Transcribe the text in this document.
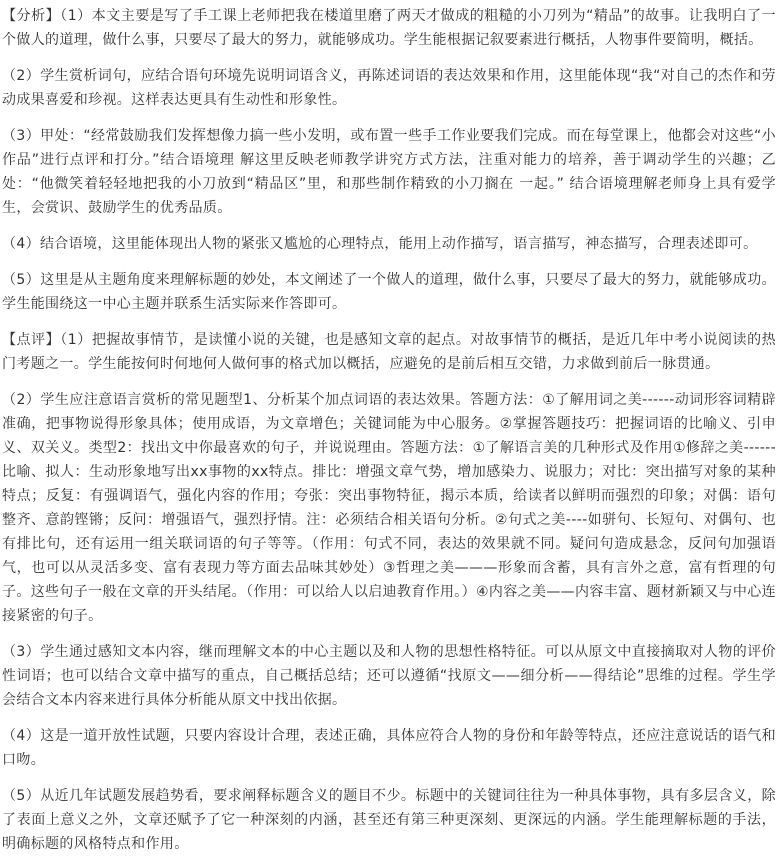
【分析】（1）本文主要是写了手工课上老师把我在楼道里磨了两天才做成的粗糙的小刀列为“精品”的故事。让我明白了一个做人的道理，做什么事，只要尽了最大的努力，就能够成功。学生能根据记叙要素进行概括，人物事件要简明，概括。

（2）学生赏析词句，应结合语句环境先说明词语含义，再陈述词语的表达效果和作用，这里能体现“我“对自己的杰作和劳动成果喜爱和珍视。这样表达更具有生动性和形象性。

（3）甲处：“经常鼓励我们发挥想像力搞一些小发明，或布置一些手工作业要我们完成。而在每堂课上，他都会对这些“小作品”进行点评和打分。”结合语境理 解这里反映老师教学讲究方式方法，注重对能力的培养，善于调动学生的兴趣；乙处：“他微笑着轻轻地把我的小刀放到“精品区”里，和那些制作精致的小刀搁在 一起。” 结合语境理解老师身上具有爱学生，会赏识、鼓励学生的优秀品质。

（4）结合语境，这里能体现出人物的紧张又尴尬的心理特点，能用上动作描写，语言描写，神态描写，合理表述即可。

（5）这里是从主题角度来理解标题的妙处，本文阐述了一个做人的道理，做什么事，只要尽了最大的努力，就能够成功。学生能围绕这一中心主题并联系生活实际来作答即可。

【点评】（1）把握故事情节，是读懂小说的关键，也是感知文章的起点。对故事情节的概括，是近几年中考小说阅读的热门考题之一。学生能按何时何地何人做何事的格式加以概括，应避免的是前后相互交错，力求做到前后一脉贯通。

（2）学生应注意语言赏析的常见题型1、分析某个加点词语的表达效果。答题方法：①了解用词之美------动词形容词精辟准确，把事物说得形象具体；使用成语，为文章增色；关键词能为中心服务。②掌握答题技巧：把握词语的比喻义、引申义、双关义。类型2：找出文中你最喜欢的句子，并说说理由。答题方法：①了解语言美的几种形式及作用①修辞之美------比喻、拟人：生动形象地写出xx事物的xx特点。排比：增强文章气势，增加感染力、说服力；对比：突出描写对象的某种特点；反复：有强调语气，强化内容的作用；夸张：突出事物特征，揭示本质，给读者以鲜明而强烈的印象；对偶：语句整齐、意韵铿锵；反问：增强语气，强烈抒情。注：必须结合相关语句分析。②句式之美----如骈句、长短句、对偶句、也有排比句，还有运用一组关联词语的句子等等。（作用：句式不同，表达的效果就不同。疑问句造成悬念，反问句加强语气，也可以从灵活多变、富有表现力等方面去品味其妙处）③哲理之美———形象而含蓄，具有言外之意，富有哲理的句子。这些句子一般在文章的开头结尾。（作用：可以给人以启迪教育作用。）④内容之美——内容丰富、题材新颖又与中心连接紧密的句子。

（3）学生通过感知文本内容，继而理解文本的中心主题以及和人物的思想性格特征。可以从原文中直接摘取对人物的评价性词语；也可以结合文章中描写的重点，自己概括总结；还可以遵循“找原文——细分析——得结论”思维的过程。学生学会结合文本内容来进行具体分析能从原文中找出依据。

（4）这是一道开放性试题，只要内容设计合理，表述正确，具体应符合人物的身份和年龄等特点，还应注意说话的语气和口吻。

（5）从近几年试题发展趋势看，要求阐释标题含义的题目不少。标题中的关键词往往为一种具体事物，具有多层含义，除了表面上意义之外，文章还赋予了它一种深刻的内涵，甚至还有第三种更深刻、更深远的内涵。学生能理解标题的手法，明确标题的风格特点和作用。
